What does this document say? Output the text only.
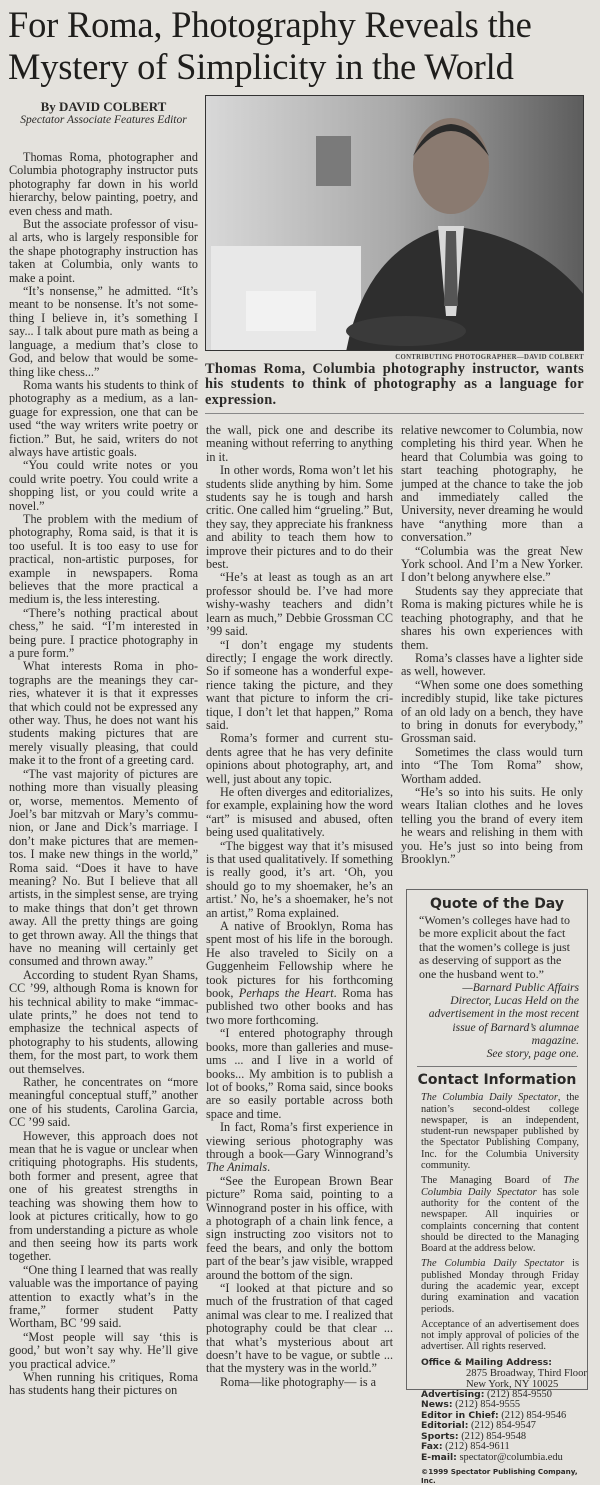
For Roma, Photography Reveals the
Mystery of Simplicity in the World
By DAVID COLBERT
Spectator Associate Features Editor
CONTRIBUTING PHOTOGRAPHER—DAVID COLBERT
Thomas Roma, Columbia photography instructor, wants his students to think of photography as a language for expression.

Thomas Roma, photographer and Columbia photography instructor puts photography far down in his world hierarchy, below painting, poetry, and even chess and math.

But the associate professor of visual arts, who is largely responsible for the shape photography instruction has taken at Columbia, only wants to make a point.

“It’s nonsense,” he admitted. “It’s meant to be nonsense. It’s not something I believe in, it’s something I say... I talk about pure math as being a language, a medium that’s close to God, and below that would be something like chess...”

Roma wants his students to think of photography as a medium, as a language for expression, one that can be used “the way writers write poetry or fiction.” But, he said, writers do not always have artistic goals.

“You could write notes or you could write poetry. You could write a shopping list, or you could write a novel.”

The problem with the medium of photography, Roma said, is that it is too useful. It is too easy to use for practical, non-artistic purposes, for example in newspapers. Roma believes that the more practical a medium is, the less interesting.

“There’s nothing practical about chess,” he said. “I’m interested in being pure. I practice photography in a pure form.”

What interests Roma in photographs are the meanings they carries, whatever it is that it expresses that which could not be expressed any other way. Thus, he does not want his students making pictures that are merely visually pleasing, that could make it to the front of a greeting card.

“The vast majority of pictures are nothing more than visually pleasing or, worse, mementos. Memento of Joel’s bar mitzvah or Mary’s communion, or Jane and Dick’s marriage. I don’t make pictures that are mementos. I make new things in the world,” Roma said. “Does it have to have meaning? No. But I believe that all artists, in the simplest sense, are trying to make things that don’t get thrown away. All the pretty things are going to get thrown away. All the things that have no meaning will certainly get consumed and thrown away.”

According to student Ryan Shams, CC ’99, although Roma is known for his technical ability to make “immaculate prints,” he does not tend to emphasize the technical aspects of photography to his students, allowing them, for the most part, to work them out themselves.

Rather, he concentrates on “more meaningful conceptual stuff,” another one of his students, Carolina Garcia, CC ’99 said.

However, this approach does not mean that he is vague or unclear when critiquing photographs. His students, both former and present, agree that one of his greatest strengths in teaching was showing them how to look at pictures critically, how to go from understanding a picture as whole and then seeing how its parts work together.

“One thing I learned that was really valuable was the importance of paying attention to exactly what’s in the frame,” former student Patty Wortham, BC ’99 said.

“Most people will say ‘this is good,’ but won’t say why. He’ll give you practical advice.”

When running his critiques, Roma has students hang their pictures on

the wall, pick one and describe its meaning without referring to anything in it.

In other words, Roma won’t let his students slide anything by him. Some students say he is tough and harsh critic. One called him “grueling.” But, they say, they appreciate his frankness and ability to teach them how to improve their pictures and to do their best.

“He’s at least as tough as an art professor should be. I’ve had more wishy-washy teachers and didn’t learn as much,” Debbie Grossman CC ’99 said.

“I don’t engage my students directly; I engage the work directly. So if someone has a wonderful experience taking the picture, and they want that picture to inform the critique, I don’t let that happen,” Roma said.

Roma’s former and current students agree that he has very definite opinions about photography, art, and well, just about any topic.

He often diverges and editorializes, for example, explaining how the word “art” is misused and abused, often being used qualitatively.

“The biggest way that it’s misused is that used qualitatively. If something is really good, it’s art. ‘Oh, you should go to my shoemaker, he’s an artist.’ No, he’s a shoemaker, he’s not an artist,” Roma explained.

A native of Brooklyn, Roma has spent most of his life in the borough. He also traveled to Sicily on a Guggenheim Fellowship where he took pictures for his forthcoming book, Perhaps the Heart. Roma has published two other books and has two more forthcoming.

“I entered photography through books, more than galleries and museums ... and I live in a world of books... My ambition is to publish a lot of books,” Roma said, since books are so easily portable across both space and time.

In fact, Roma’s first experience in viewing serious photography was through a book—Gary Winnogrand’s The Animals.

“See the European Brown Bear picture” Roma said, pointing to a Winnogrand poster in his office, with a photograph of a chain link fence, a sign instructing zoo visitors not to feed the bears, and only the bottom part of the bear’s jaw visible, wrapped around the bottom of the sign.

“I looked at that picture and so much of the frustration of that caged animal was clear to me. I realized that photography could be that clear ... that what’s mysterious about art doesn’t have to be vague, or subtle ... that the mystery was in the world.”

Roma—like photography— is a

relative newcomer to Columbia, now completing his third year. When he heard that Columbia was going to start teaching photography, he jumped at the chance to take the job and immediately called the University, never dreaming he would have “anything more than a conversation.”

“Columbia was the great New York school. And I’m a New Yorker. I don’t belong anywhere else.”

Students say they appreciate that Roma is making pictures while he is teaching photography, and that he shares his own experiences with them.

Roma’s classes have a lighter side as well, however.

“When some one does something incredibly stupid, like take pictures of an old lady on a bench, they have to bring in donuts for everybody,” Grossman said.

Sometimes the class would turn into “The Tom Roma” show, Wortham added.

“He’s so into his suits. He only wears Italian clothes and he loves telling you the brand of every item he wears and relishing in them with you. He’s just so into being from Brooklyn.”

Quote of the Day
“Women’s colleges have had to be more explicit about the fact that the women’s college is just as deserving of support as the one the husband went to.”
—Barnard Public Affairs Director, Lucas Held on the advertisement in the most recent issue of Barnard’s alumnae magazine.
See story, page one.
Contact Information
The Columbia Daily Spectator, the nation’s second-oldest college newspaper, is an independent, student-run newspaper published by the Spectator Publishing Company, Inc. for the Columbia University community.
The Managing Board of The Columbia Daily Spectator has sole authority for the content of the newspaper. All inquiries or complaints concerning that content should be directed to the Managing Board at the address below.
The Columbia Daily Spectator is published Monday through Friday during the academic year, except during examination and vacation periods.
Acceptance of an advertisement does not imply approval of policies of the advertiser. All rights reserved.
Office & Mailing Address:
2875 Broadway, Third Floor
New York, NY 10025
Advertising: (212) 854-9550
News: (212) 854-9555
Editor in Chief: (212) 854-9546
Editorial: (212) 854-9547
Sports: (212) 854-9548
Fax: (212) 854-9611
E-mail: spectator@columbia.edu
©1999 Spectator Publishing Company, Inc.
